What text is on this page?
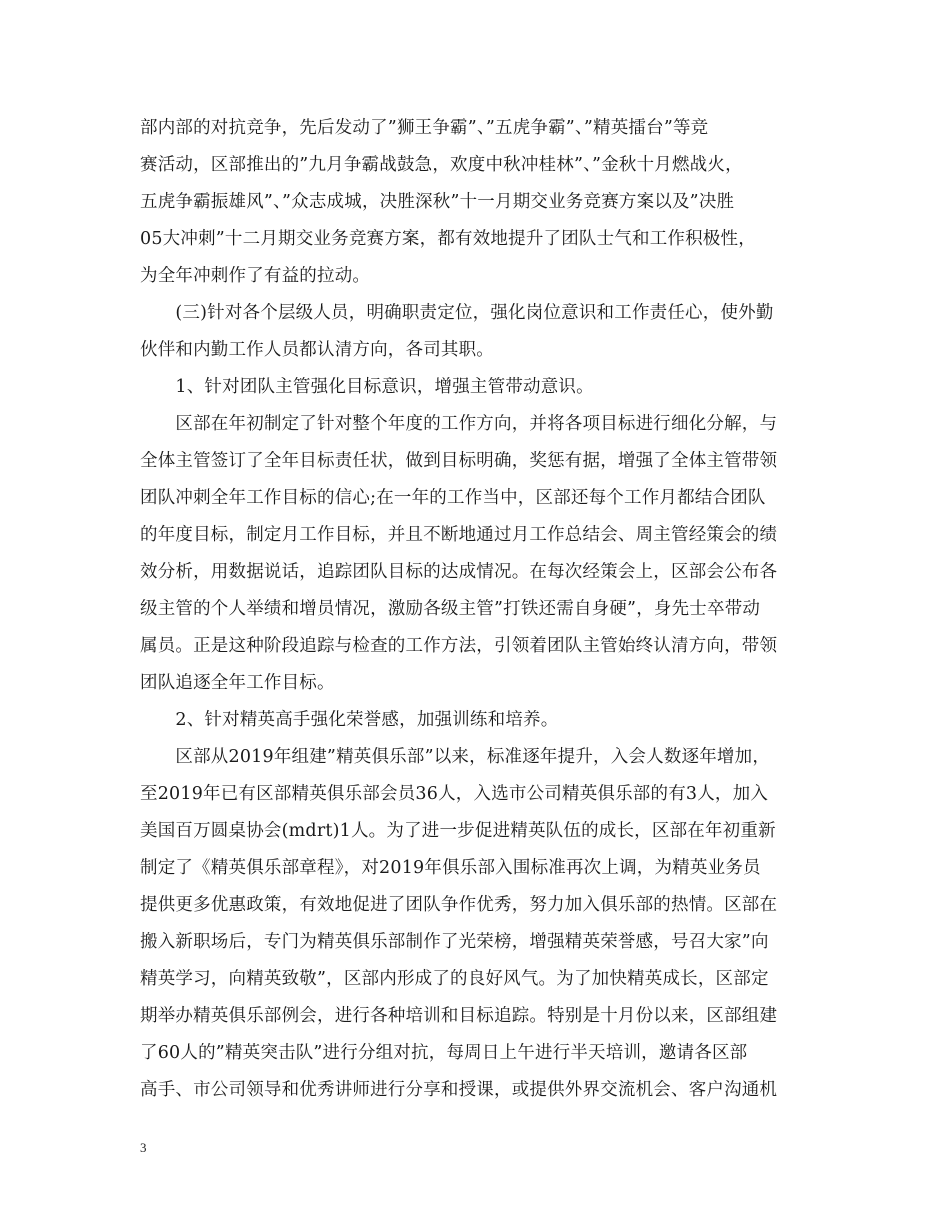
部内部的对抗竞争，先后发动了”狮王争霸”、”五虎争霸”、”精英擂台”等竞
赛活动，区部推出的”九月争霸战鼓急，欢度中秋冲桂林”、”金秋十月燃战火，
五虎争霸振雄风”、”众志成城，决胜深秋”十一月期交业务竞赛方案以及”决胜
05大冲刺”十二月期交业务竞赛方案，都有效地提升了团队士气和工作积极性，
为全年冲刺作了有益的拉动。
　　(三)针对各个层级人员，明确职责定位，强化岗位意识和工作责任心，使外勤
伙伴和内勤工作人员都认清方向，各司其职。
　　1、针对团队主管强化目标意识，增强主管带动意识。
　　区部在年初制定了针对整个年度的工作方向，并将各项目标进行细化分解，与
全体主管签订了全年目标责任状，做到目标明确，奖惩有据，增强了全体主管带领
团队冲刺全年工作目标的信心;在一年的工作当中，区部还每个工作月都结合团队
的年度目标，制定月工作目标，并且不断地通过月工作总结会、周主管经策会的绩
效分析，用数据说话，追踪团队目标的达成情况。在每次经策会上，区部会公布各
级主管的个人举绩和增员情况，激励各级主管”打铁还需自身硬”，身先士卒带动
属员。正是这种阶段追踪与检查的工作方法，引领着团队主管始终认清方向，带领
团队追逐全年工作目标。
　　2、针对精英高手强化荣誉感，加强训练和培养。
　　区部从2019年组建”精英俱乐部”以来，标准逐年提升，入会人数逐年增加，
至2019年已有区部精英俱乐部会员36人，入选市公司精英俱乐部的有3人，加入
美国百万圆桌协会(mdrt)1人。为了进一步促进精英队伍的成长，区部在年初重新
制定了《精英俱乐部章程》，对2019年俱乐部入围标准再次上调，为精英业务员
提供更多优惠政策，有效地促进了团队争作优秀，努力加入俱乐部的热情。区部在
搬入新职场后，专门为精英俱乐部制作了光荣榜，增强精英荣誉感，号召大家”向
精英学习，向精英致敬”，区部内形成了的良好风气。为了加快精英成长，区部定
期举办精英俱乐部例会，进行各种培训和目标追踪。特别是十月份以来，区部组建
了60人的”精英突击队”进行分组对抗，每周日上午进行半天培训，邀请各区部
高手、市公司领导和优秀讲师进行分享和授课，或提供外界交流机会、客户沟通机
3
